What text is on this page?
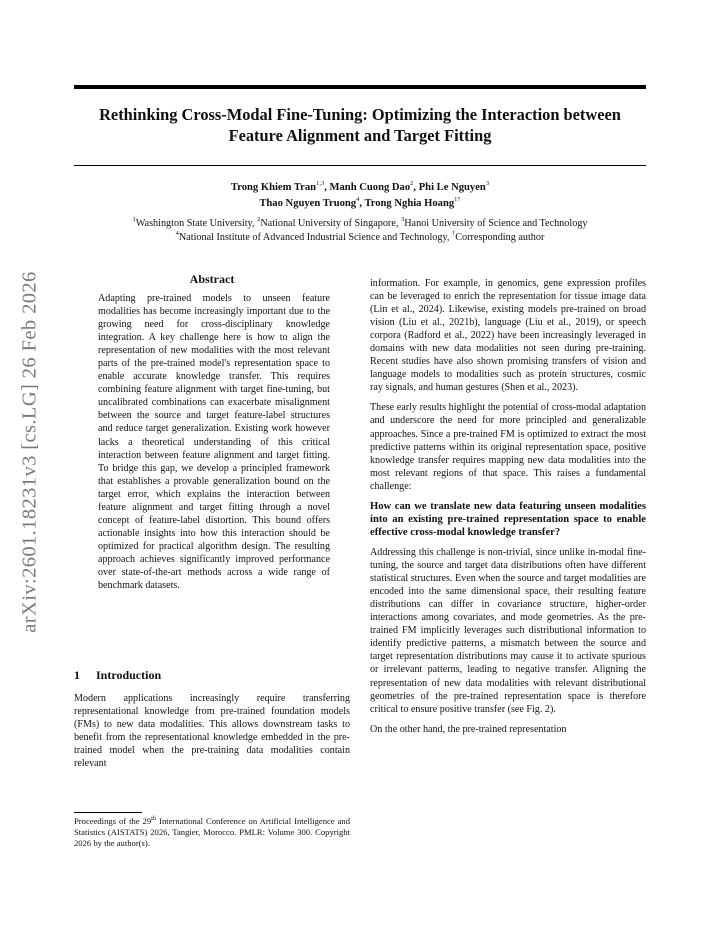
Rethinking Cross-Modal Fine-Tuning: Optimizing the Interaction between Feature Alignment and Target Fitting
Trong Khiem Tran$^{1,3}$, Manh Cuong Dao$^2$, Phi Le Nguyen$^3$
Thao Nguyen Truong$^4$, Trong Nghia Hoang$^{1\dagger}$
$^1$Washington State University, $^2$National University of Singapore, $^3$Hanoi University of Science and Technology
$^4$National Institute of Advanced Industrial Science and Technology, †Corresponding author
arXiv:2601.18231v3 [cs.LG] 26 Feb 2026	Abstract
Adapting pre-trained models to unseen feature modalities has become increasingly important due to the growing need for cross-disciplinary knowledge integration. A key challenge here is how to align the representation of new modalities with the most relevant parts of the pre-trained model's representation space to enable accurate knowledge transfer. This requires combining feature alignment with target fine-tuning, but uncalibrated combinations can exacerbate misalignment between the source and target feature-label structures and reduce target generalization. Existing work however lacks a theoretical understanding of this critical interaction between feature alignment and target fitting. To bridge this gap, we develop a principled framework that establishes a provable generalization bound on the target error, which explains the interaction between feature alignment and target fitting through a novel concept of feature-label distortion. This bound offers actionable insights into how this interaction should be optimized for practical algorithm design. The resulting approach achieves significantly improved performance over state-of-the-art methods across a wide range of benchmark datasets.
1 Introduction
Modern applications increasingly require transferring representational knowledge from pre-trained foundation models (FMs) to new data modalities. This allows downstream tasks to benefit from the representational knowledge embedded in the pre-trained model when the pre-training data modalities contain relevant
Proceedings of the 29th International Conference on Artificial Intelligence and Statistics (AISTATS) 2026, Tangier, Morocco. PMLR: Volume 300. Copyright 2026 by the author(s).

information. For example, in genomics, gene expression profiles can be leveraged to enrich the representation for tissue image data (Lin et al., 2024). Likewise, existing models pre-trained on broad vision (Liu et al., 2021b), language (Liu et al., 2019), or speech corpora (Radford et al., 2022) have been increasingly leveraged in domains with new data modalities not seen during pre-training. Recent studies have also shown promising transfers of vision and language models to modalities such as protein structures, cosmic ray signals, and human gestures (Shen et al., 2023).

These early results highlight the potential of cross-modal adaptation and underscore the need for more principled and generalizable approaches. Since a pre-trained FM is optimized to extract the most predictive patterns within its original representation space, positive knowledge transfer requires mapping new data modalities into the most relevant regions of that space. This raises a fundamental challenge:

How can we translate new data featuring unseen modalities into an existing pre-trained representation space to enable effective cross-modal knowledge transfer?

Addressing this challenge is non-trivial, since unlike in-modal fine-tuning, the source and target data distributions often have different statistical structures. Even when the source and target modalities are encoded into the same dimensional space, their resulting feature distributions can differ in covariance structure, higher-order interactions among covariates, and mode geometries. As the pre-trained FM implicitly leverages such distributional information to identify predictive patterns, a mismatch between the source and target representation distributions may cause it to activate spurious or irrelevant patterns, leading to negative transfer. Aligning the representation of new data modalities with relevant distributional geometries of the pre-trained representation space is therefore critical to ensure positive transfer (see Fig. 2).

On the other hand, the pre-trained representation
